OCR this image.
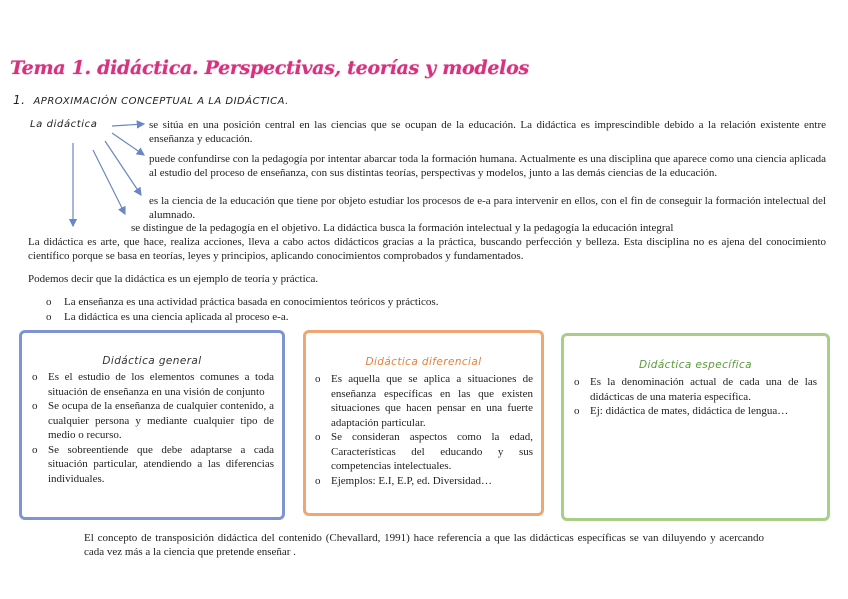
Tema 1. didáctica. Perspectivas, teorías y modelos
1. APROXIMACIÓN CONCEPTUAL A LA DIDÁCTICA.
La didáctica	se sitúa en una posición central en las ciencias que se ocupan de la educación. La didáctica es imprescindible debido a la relación existente entre enseñanza y educación.
puede confundirse con la pedagogía por intentar abarcar toda la formación humana. Actualmente es una disciplina que aparece como una ciencia aplicada al estudio del proceso de enseñanza, con sus distintas teorías, perspectivas y modelos, junto a las demás ciencias de la educación.
es la ciencia de la educación que tiene por objeto estudiar los procesos de e-a para intervenir en ellos, con el fin de conseguir la formación intelectual del alumnado.
se distingue de la pedagogía en el objetivo. La didáctica busca la formación intelectual y la pedagogía la educación integral
La didáctica es arte, que hace, realiza acciones, lleva a cabo actos didácticos gracias a la práctica, buscando perfección y belleza. Esta disciplina no es ajena del conocimiento científico porque se basa en teorías, leyes y principios, aplicando conocimientos comprobados y fundamentados.
Podemos decir que la didáctica es un ejemplo de teoría y práctica.
o La enseñanza es una actividad práctica basada en conocimientos teóricos y prácticos.
o La didáctica es una ciencia aplicada al proceso e-a.
Didáctica general
o Es el estudio de los elementos comunes a toda situación de enseñanza en una visión de conjunto
o Se ocupa de la enseñanza de cualquier contenido, a cualquier persona y mediante cualquier tipo de medio o recurso.
o Se sobreentiende que debe adaptarse a cada situación particular, atendiendo a las diferencias individuales.
Didáctica diferencial
o Es aquella que se aplica a situaciones de enseñanza específicas en las que existen situaciones que hacen pensar en una fuerte adaptación particular.
o Se consideran aspectos como la edad, Características del educando y sus competencias intelectuales.
o Ejemplos: E.I, E.P, ed. Diversidad…
Didáctica específica
o Es la denominación actual de cada una de las didácticas de una materia específica.
o Ej: didáctica de mates, didáctica de lengua…
El concepto de transposición didáctica del contenido (Chevallard, 1991) hace referencia a que las didácticas específicas se van diluyendo y acercando cada vez más a la ciencia que pretende enseñar .
